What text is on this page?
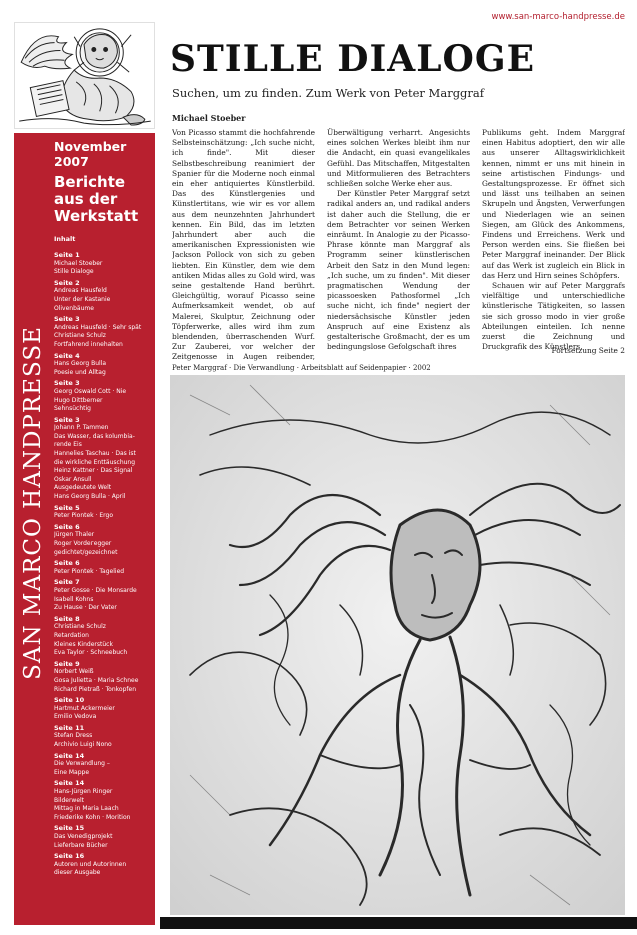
www.san-marco-handpresse.de
SAN MARCO HANDPRESSE
November 2007
Berichte aus der Werkstatt
Inhalt
Seite 1
Michael Stoeber
Stille Dialoge
Seite 2
Andreas Hausfeld
Unter der Kastanie
Olivenbäume
Seite 3
Andreas Hausfeld · Sehr spät
Christiane Schulz
Fortfahrend innehalten
Seite 4
Hans Georg Bulla
Poesie und Alltag
Seite 3
Georg Oswald Cott · Nie
Hugo Dittberner
Sehnsüchtig
Seite 3
Johann P. Tammen
Das Wasser, das kolumbia-
rende Eis
Hannelies Taschau · Das ist
die wirkliche Enttäuschung
Heinz Kattner · Das Signal
Oskar Ansull
Ausgedeutete Welt
Hans Georg Bulla · April
Seite 5
Peter Piontek · Ergo
Seite 6
Jürgen Thaler
Roger Vordeгegger
gedichtet/gezeichnet
Seite 6
Peter Piontek · Tagelied
Seite 7
Peter Gosse · Die Monsarde
Isabell Kohns
Zu Hause · Der Vater
Seite 8
Christiane Schulz
Retardation
Kleines Kinderstück
Eva Taylor · Schneebuch
Seite 9
Norbert Weiß
Gosa Julietta · Maria Schnee
Richard Pietraß · Tonkopfen
Seite 10
Hartmut Ackermeier
Emilio Vedova
Seite 11
Stefan Dress
Archivio Luigi Nono
Seite 14
Die Verwandlung –
Eine Mappe
Seite 14
Hans-Jürgen Ringer
Bilderwelt
Mittag in Maria Laach
Friederike Kohn · Morition
Seite 15
Das Venedigprojekt
Lieferbare Bücher
Seite 16
Autoren und Autorinnen
dieser Ausgabe
STILLE DIALOGE
Suchen, um zu finden. Zum Werk von Peter Marggraf
Michael Stoeber

Von Picasso stammt die hochfahrende Selbsteinschätzung: „Ich suche nicht, ich finde". Mit dieser Selbstbeschreibung reanimiert der Spanier für die Moderne noch einmal ein eher antiquiertes Künstlerbild. Das des Künstlergenies und Künstlertitans, wie wir es vor allem aus dem neunzehnten Jahrhundert kennen. Ein Bild, das im letzten Jahrhundert aber auch die amerikanischen Expressionisten wie Jackson Pollock von sich zu geben liebten. Ein Künstler, dem wie dem antiken Midas alles zu Gold wird, was seine gestaltende Hand berührt. Gleichgültig, worauf Picasso seine Aufmerksamkeit wendet, ob auf Malerei, Skulptur, Zeichnung oder Töpferwerke, alles wird ihm zum blendenden, überraschenden Wurf. Zur Zauberei, vor welcher der Zeitgenosse in Augen reibender,

Überwältigung verharrt. Angesichts eines solchen Werkes bleibt ihm nur die Andacht, ein quasi evangelikales Gefühl. Das Mitschaffen, Mitgestalten und Mitformulieren des Betrachters schließen solche Werke eher aus.

Der Künstler Peter Marggraf setzt radikal anders an, und radikal anders ist daher auch die Stellung, die er dem Betrachter vor seinen Werken einräumt. In Analogie zu der Picasso-Phrase könnte man Marggraf als Programm seiner künstlerischen Arbeit den Satz in den Mund legen: „Ich suche, um zu finden". Mit dieser pragmatischen Wendung der picassoesken Pathosformel „Ich suche nicht, ich finde" negiert der niedersächsische Künstler jeden Anspruch auf eine Existenz als gestalterische Großmacht, der es um bedingungslose Gefolgschaft ihres

Publikums geht. Indem Marggraf einen Habitus adoptiert, den wir alle aus unserer Alltagswirklichkeit kennen, nimmt er uns mit hinein in seine artistischen Findungs- und Gestaltungsprozesse. Er öffnet sich und lässt uns teilhaben an seinen Skrupeln und Ängsten, Verwerfungen und Niederlagen wie an seinen Siegen, am Glück des Ankommens, Findens und Erreichens. Werk und Person werden eins. Sie fließen bei Peter Marggraf ineinander. Der Blick auf das Werk ist zugleich ein Blick in das Herz und Hirn seines Schöpfers.

Schauen wir auf Peter Marggrafs vielfältige und unterschiedliche künstlerische Tätigkeiten, so lassen sie sich grosso modo in vier große Abteilungen einteilen. Ich nenne zuerst die Zeichnung und Druckgrafik des Künstlers,

Fortsetzung Seite 2
Peter Marggraf · Die Verwandlung · Arbeitsblatt auf Seidenpapier · 2002
